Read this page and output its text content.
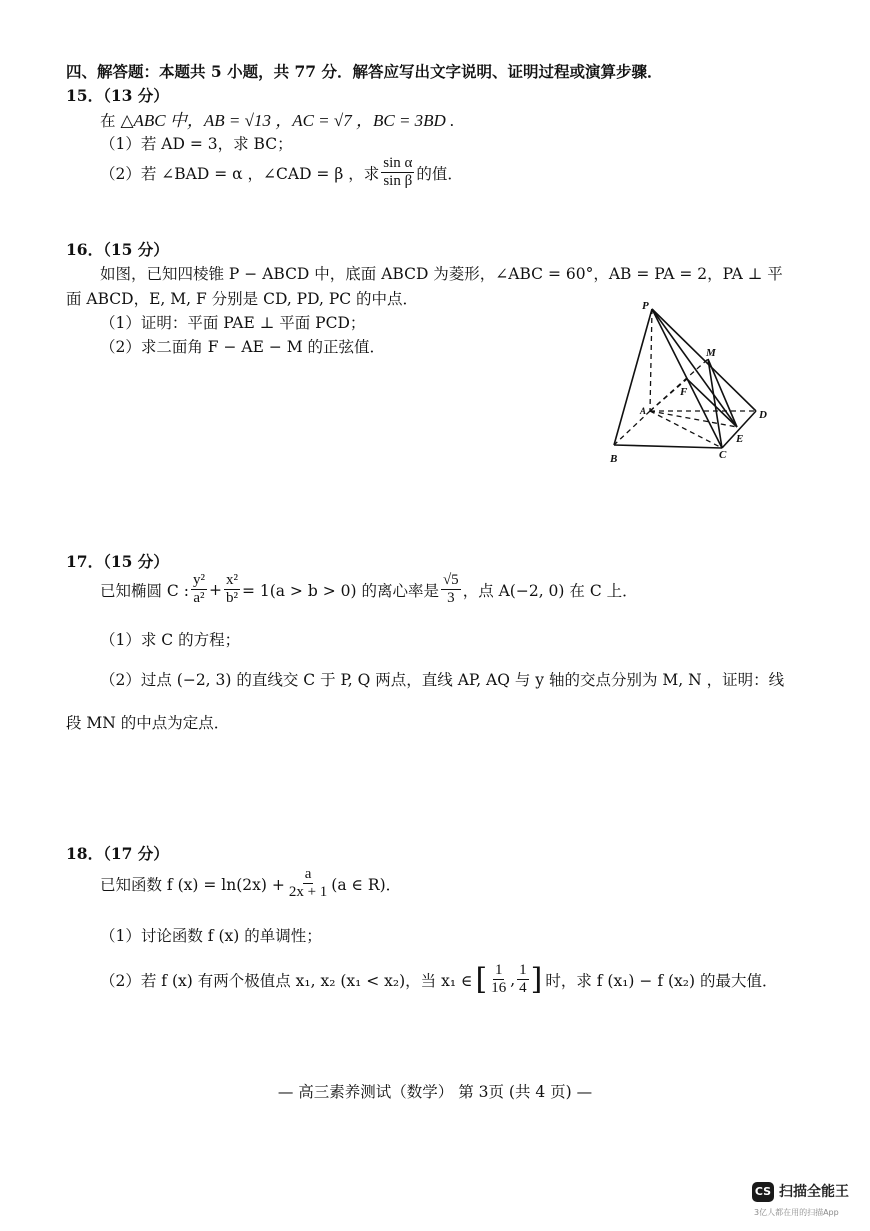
四、解答题：本题共 5 小题，共 77 分．解答应写出文字说明、证明过程或演算步骤．
15．（13 分）
在 △ABC 中，AB = √13 ，AC = √7 ，BC = 3BD .
（1）若 AD = 3，求 BC；
（2）若 ∠BAD = α ，∠CAD = β ，求 $\frac{\text{sin α}}{\text{sin β}}$ 的值．
16．（15 分）
如图，已知四棱锥 P − ABCD 中，底面 ABCD 为菱形，∠ABC = 60°，AB = PA = 2，PA ⊥ 平
面 ABCD，E, M, F 分别是 CD, PD, PC 的中点．
（1）证明：平面 PAE ⊥ 平面 PCD；
（2）求二面角 F − AE − M 的正弦值．
P
M
F
A	D
E
B	C
17．（15 分）
已知椭圆 C : $\frac{\text{y²}}{\text{a²}} + \frac{\text{x²}}{\text{b²}} = 1(a > b > 0)$ 的离心率是 $\frac{√5}{3}$ ，点 A(−2, 0) 在 C 上．
（1）求 C 的方程；
（2）过点 (−2, 3) 的直线交 C 于 P, Q 两点，直线 AP, AQ 与 y 轴的交点分别为 M, N ，证明：线
段 MN 的中点为定点．
18．（17 分）
已知函数 f $(x) = \ln(2x) + \frac{a}{2x + 1} (a$ ∈ R)．
（1）讨论函数 f (x) 的单调性；
（2）若 f (x) 有两个极值点 x₁, x₂ (x₁ < x₂)，当 x₁ ∈ [ $\frac{1}{16}$ , $\frac{1}{4}$ ] 时，求 f (x₁) − f (x₂) 的最大值．
— 高三素养测试（数学） 第 3页 (共 4 页) —
CS 扫描全能王
3亿人都在用的扫描App
